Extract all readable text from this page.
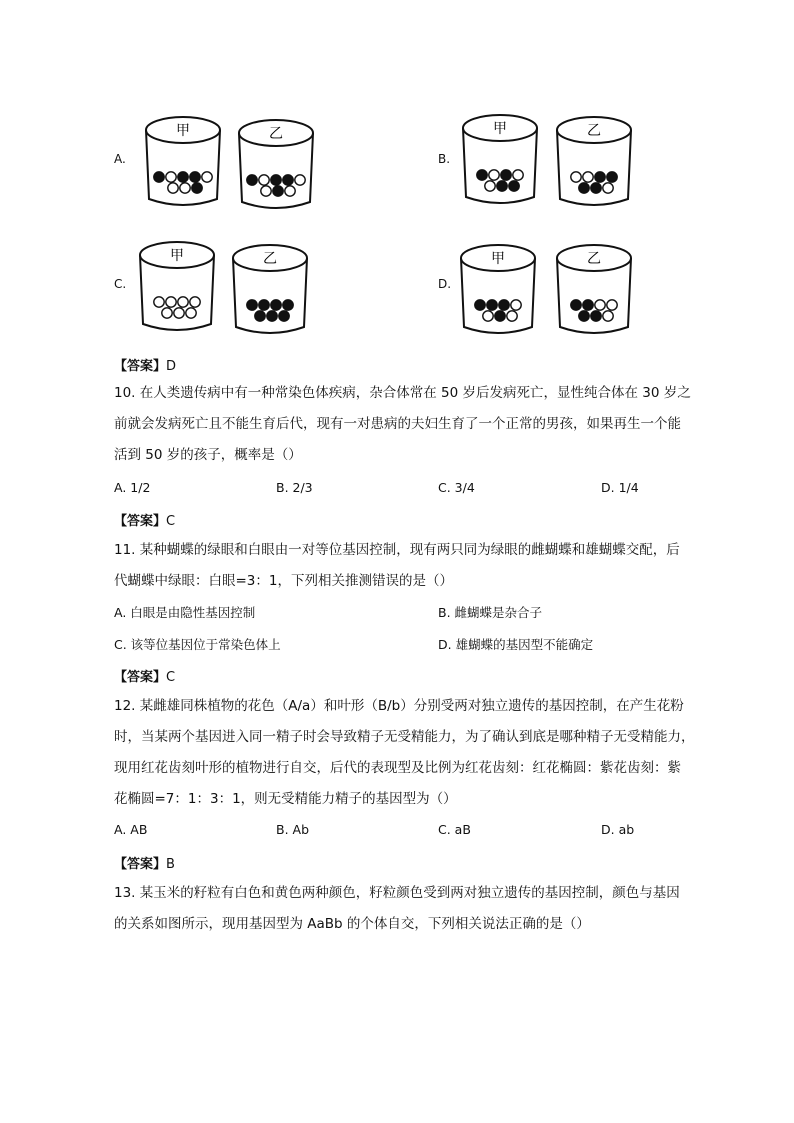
A.
甲	乙
B.
甲	乙
C.
甲	乙
D.
甲	乙
【答案】D
10. 在人类遗传病中有一种常染色体疾病，杂合体常在 50 岁后发病死亡，显性纯合体在 30 岁之
前就会发病死亡且不能生育后代，现有一对患病的夫妇生育了一个正常的男孩，如果再生一个能
活到 50 岁的孩子，概率是（）
A. 1/2	B. 2/3	C. 3/4	D. 1/4
【答案】C
11. 某种蝴蝶的绿眼和白眼由一对等位基因控制，现有两只同为绿眼的雌蝴蝶和雄蝴蝶交配，后
代蝴蝶中绿眼：白眼=3：1，下列相关推测错误的是（）
A. 白眼是由隐性基因控制	B. 雌蝴蝶是杂合子
C. 该等位基因位于常染色体上	D. 雄蝴蝶的基因型不能确定
【答案】C
12. 某雌雄同株植物的花色（A/a）和叶形（B/b）分别受两对独立遗传的基因控制，在产生花粉
时，当某两个基因进入同一精子时会导致精子无受精能力，为了确认到底是哪种精子无受精能力，
现用红花齿刻叶形的植物进行自交，后代的表现型及比例为红花齿刻：红花椭圆：紫花齿刻：紫
花椭圆=7：1：3：1，则无受精能力精子的基因型为（）
A. AB	B. Ab	C. aB	D. ab
【答案】B
13. 某玉米的籽粒有白色和黄色两种颜色，籽粒颜色受到两对独立遗传的基因控制，颜色与基因
的关系如图所示，现用基因型为 AaBb 的个体自交，下列相关说法正确的是（）
